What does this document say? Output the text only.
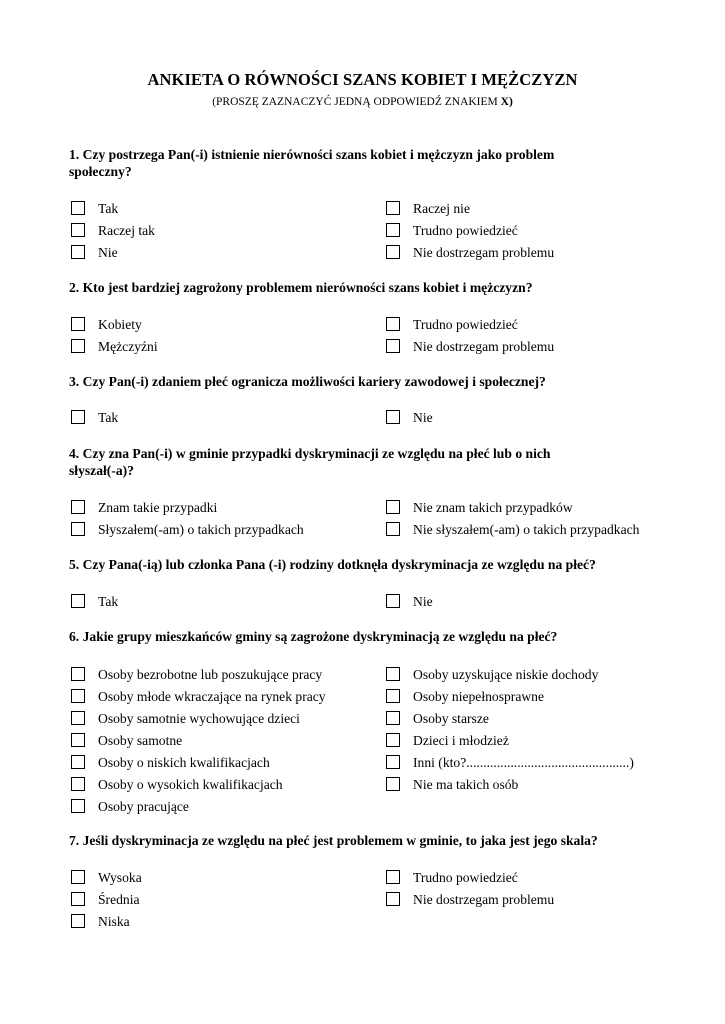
ANKIETA O RÓWNOŚCI SZANS KOBIET I MĘŻCZYZN
(PROSZĘ ZAZNACZYĆ JEDNĄ ODPOWIEDŹ ZNAKIEM X)
1. Czy postrzega Pan(-i) istnienie nierówności szans kobiet i mężczyzn jako problem
społeczny?
Tak
Raczej tak
Nie
Raczej nie
Trudno powiedzieć
Nie dostrzegam problemu
2. Kto jest bardziej zagrożony problemem nierówności szans kobiet i mężczyzn?
Kobiety
Mężczyźni
Trudno powiedzieć
Nie dostrzegam problemu
3. Czy Pan(-i) zdaniem płeć ogranicza możliwości kariery zawodowej i społecznej?
Tak	Nie
4. Czy zna Pan(-i) w gminie przypadki dyskryminacji ze względu na płeć lub o nich
słyszał(-a)?
Znam takie przypadki
Słyszałem(-am) o takich przypadkach
Nie znam takich przypadków
Nie słyszałem(-am) o takich przypadkach
5. Czy Pana(-ią) lub członka Pana (-i) rodziny dotknęła dyskryminacja ze względu na płeć?
Tak	Nie
6. Jakie grupy mieszkańców gminy są zagrożone dyskryminacją ze względu na płeć?
Osoby bezrobotne lub poszukujące pracy
Osoby młode wkraczające na rynek pracy
Osoby samotnie wychowujące dzieci
Osoby samotne
Osoby o niskich kwalifikacjach
Osoby o wysokich kwalifikacjach
Osoby pracujące
Osoby uzyskujące niskie dochody
Osoby niepełnosprawne
Osoby starsze
Dzieci i młodzież
Inni (kto?................................................)
Nie ma takich osób
7. Jeśli dyskryminacja ze względu na płeć jest problemem w gminie, to jaka jest jego skala?
Wysoka
Średnia
Niska
Trudno powiedzieć
Nie dostrzegam problemu
